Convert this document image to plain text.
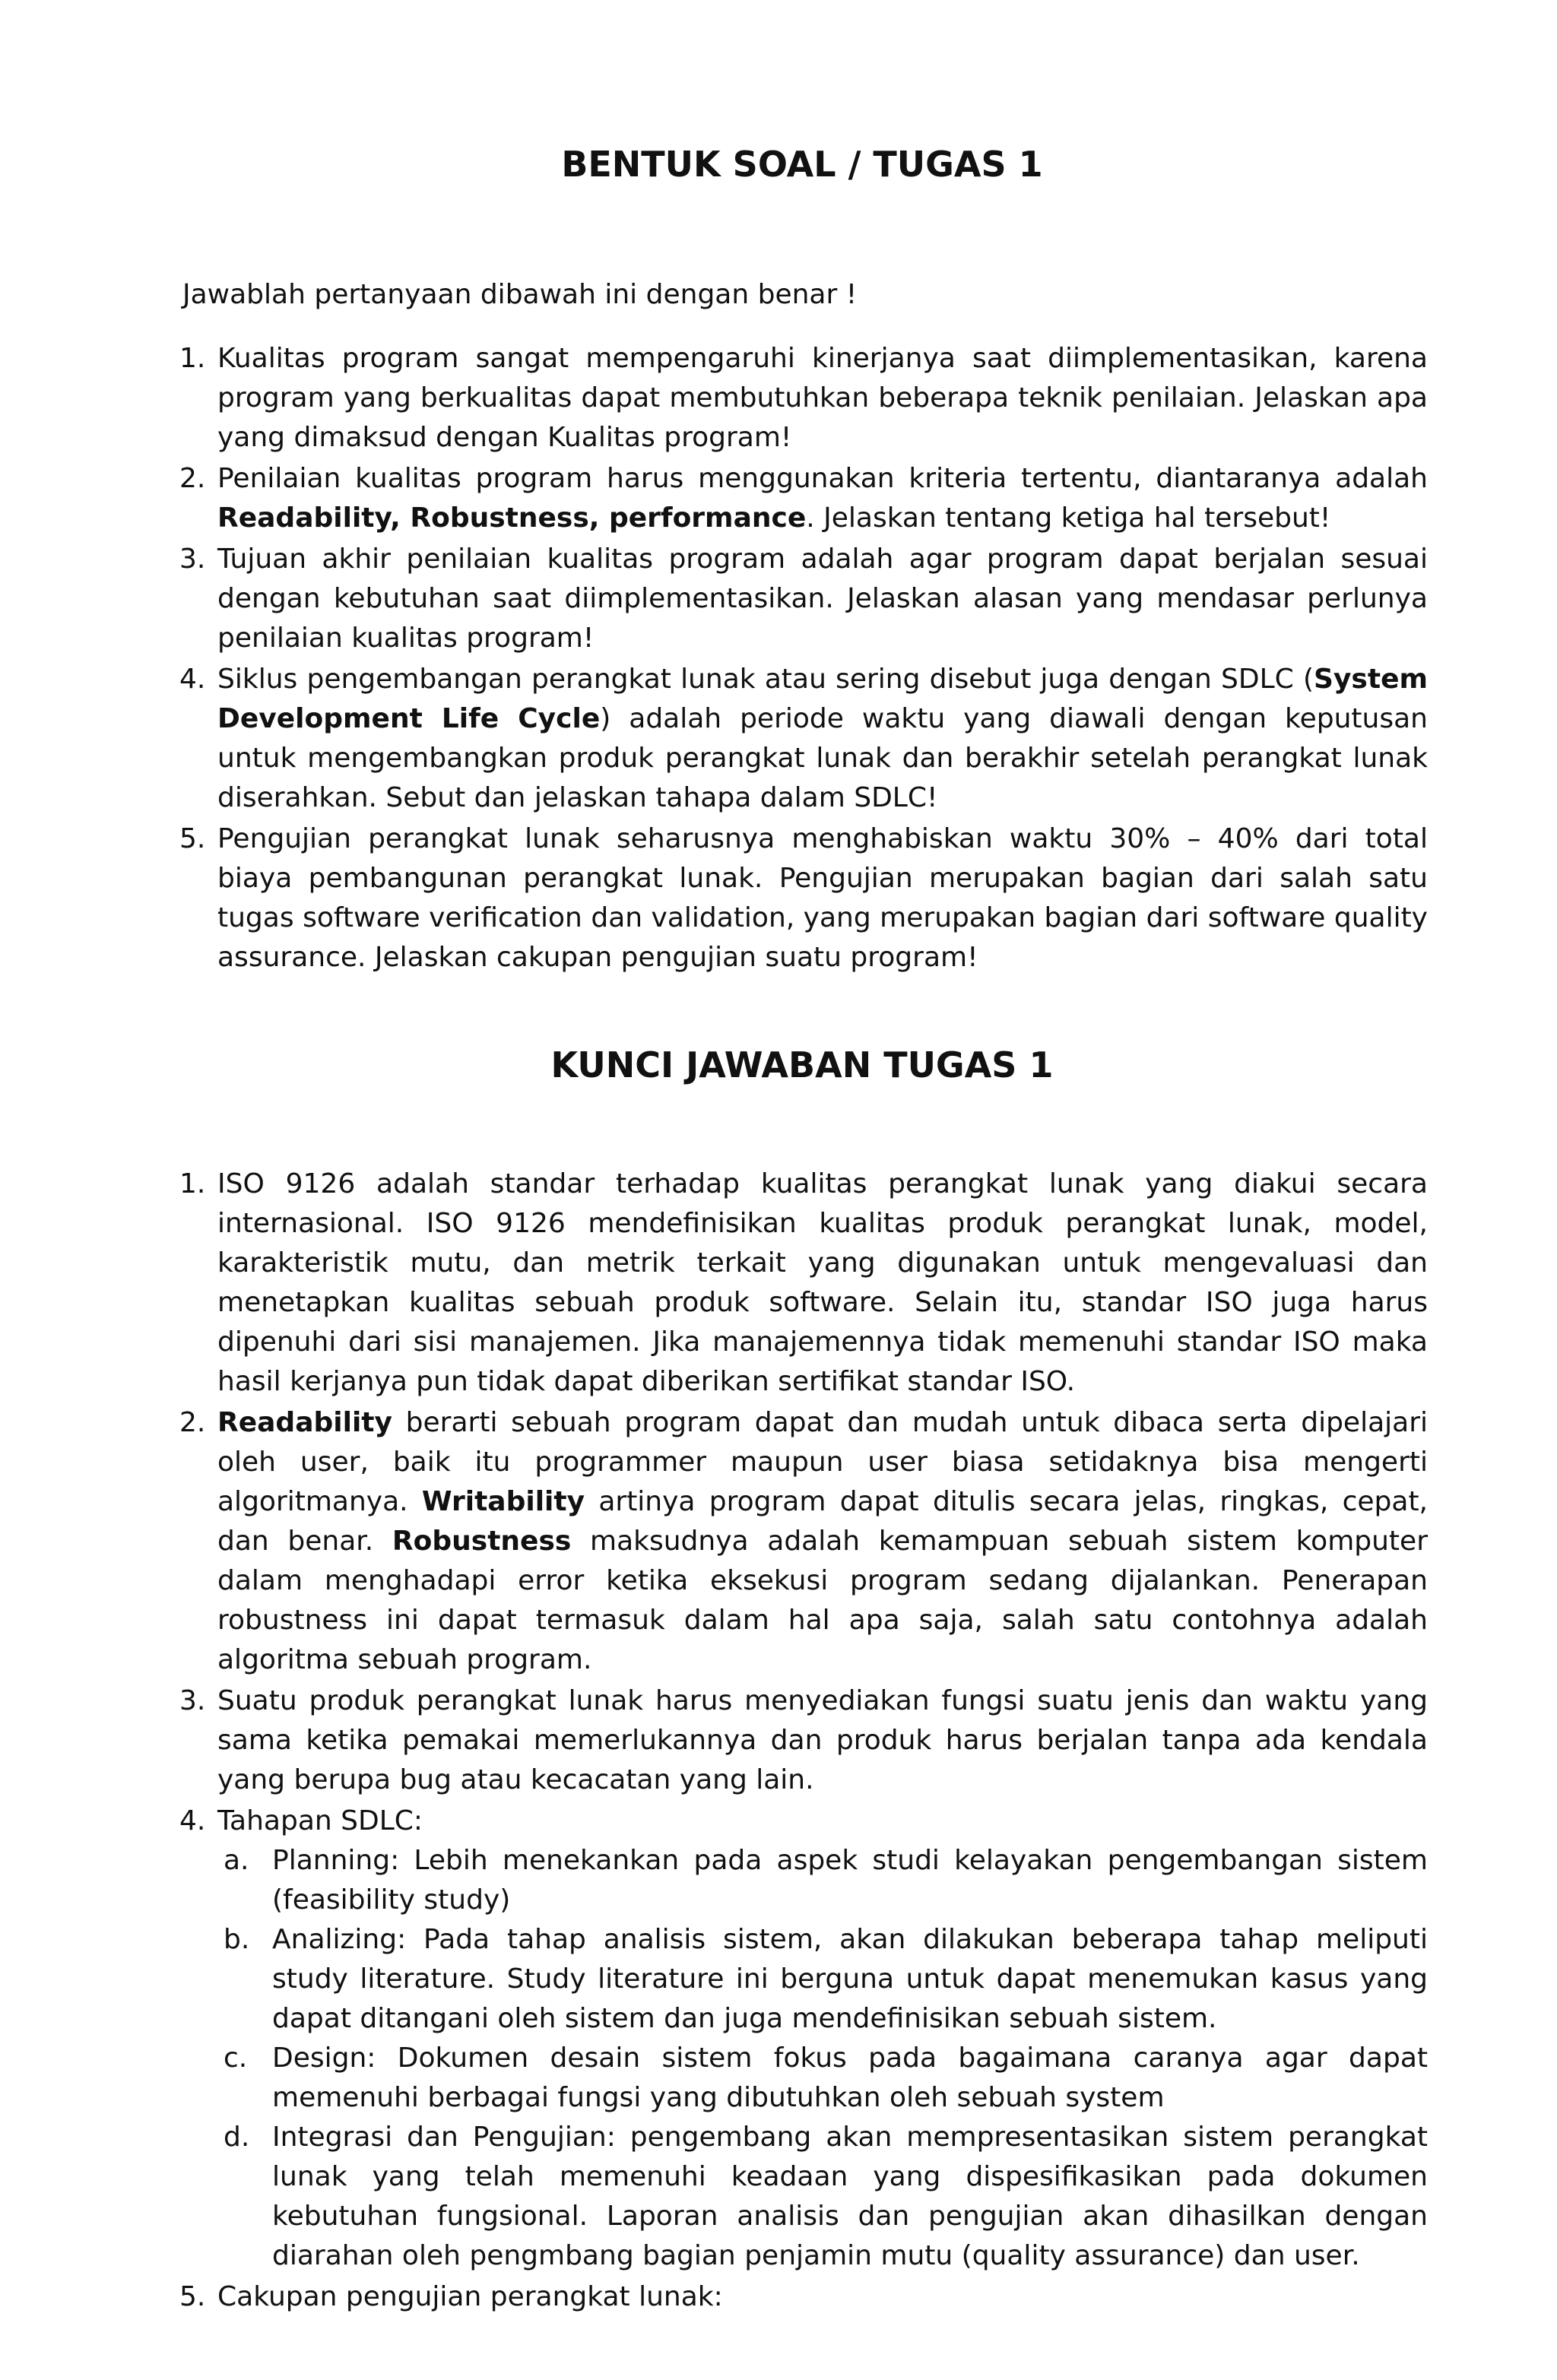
BENTUK SOAL / TUGAS 1

Jawablah pertanyaan dibawah ini dengan benar !

1. Kualitas program sangat mempengaruhi kinerjanya saat diimplementasikan, karena program yang berkualitas dapat membutuhkan beberapa teknik penilaian. Jelaskan apa yang dimaksud dengan Kualitas program!
2. Penilaian kualitas program harus menggunakan kriteria tertentu, diantaranya adalah Readability, Robustness, performance. Jelaskan tentang ketiga hal tersebut!
3. Tujuan akhir penilaian kualitas program adalah agar program dapat berjalan sesuai dengan kebutuhan saat diimplementasikan. Jelaskan alasan yang mendasar perlunya penilaian kualitas program!
4. Siklus pengembangan perangkat lunak atau sering disebut juga dengan SDLC (System Development Life Cycle) adalah periode waktu yang diawali dengan keputusan untuk mengembangkan produk perangkat lunak dan berakhir setelah perangkat lunak diserahkan. Sebut dan jelaskan tahapa dalam SDLC!
5. Pengujian perangkat lunak seharusnya menghabiskan waktu 30% – 40% dari total biaya pembangunan perangkat lunak. Pengujian merupakan bagian dari salah satu tugas software verification dan validation, yang merupakan bagian dari software quality assurance. Jelaskan cakupan pengujian suatu program!
KUNCI JAWABAN TUGAS 1
1. ISO 9126 adalah standar terhadap kualitas perangkat lunak yang diakui secara internasional. ISO 9126 mendefinisikan kualitas produk perangkat lunak, model, karakteristik mutu, dan metrik terkait yang digunakan untuk mengevaluasi dan menetapkan kualitas sebuah produk software. Selain itu, standar ISO juga harus dipenuhi dari sisi manajemen. Jika manajemennya tidak memenuhi standar ISO maka hasil kerjanya pun tidak dapat diberikan sertifikat standar ISO.
2. Readability berarti sebuah program dapat dan mudah untuk dibaca serta dipelajari oleh user, baik itu programmer maupun user biasa setidaknya bisa mengerti algoritmanya. Writability artinya program dapat ditulis secara jelas, ringkas, cepat, dan benar. Robustness maksudnya adalah kemampuan sebuah sistem komputer dalam menghadapi error ketika eksekusi program sedang dijalankan. Penerapan robustness ini dapat termasuk dalam hal apa saja, salah satu contohnya adalah algoritma sebuah program.
3. Suatu produk perangkat lunak harus menyediakan fungsi suatu jenis dan waktu yang sama ketika pemakai memerlukannya dan produk harus berjalan tanpa ada kendala yang berupa bug atau kecacatan yang lain.
4. Tahapan SDLC:
a. Planning: Lebih menekankan pada aspek studi kelayakan pengembangan sistem (feasibility study)
b. Analizing: Pada tahap analisis sistem, akan dilakukan beberapa tahap meliputi study literature. Study literature ini berguna untuk dapat menemukan kasus yang dapat ditangani oleh sistem dan juga mendefinisikan sebuah sistem.
c. Design: Dokumen desain sistem fokus pada bagaimana caranya agar dapat memenuhi berbagai fungsi yang dibutuhkan oleh sebuah system
d. Integrasi dan Pengujian: pengembang akan mempresentasikan sistem perangkat lunak yang telah memenuhi keadaan yang dispesifikasikan pada dokumen kebutuhan fungsional. Laporan analisis dan pengujian akan dihasilkan dengan diarahan oleh pengmbang bagian penjamin mutu (quality assurance) dan user.
5. Cakupan pengujian perangkat lunak:
